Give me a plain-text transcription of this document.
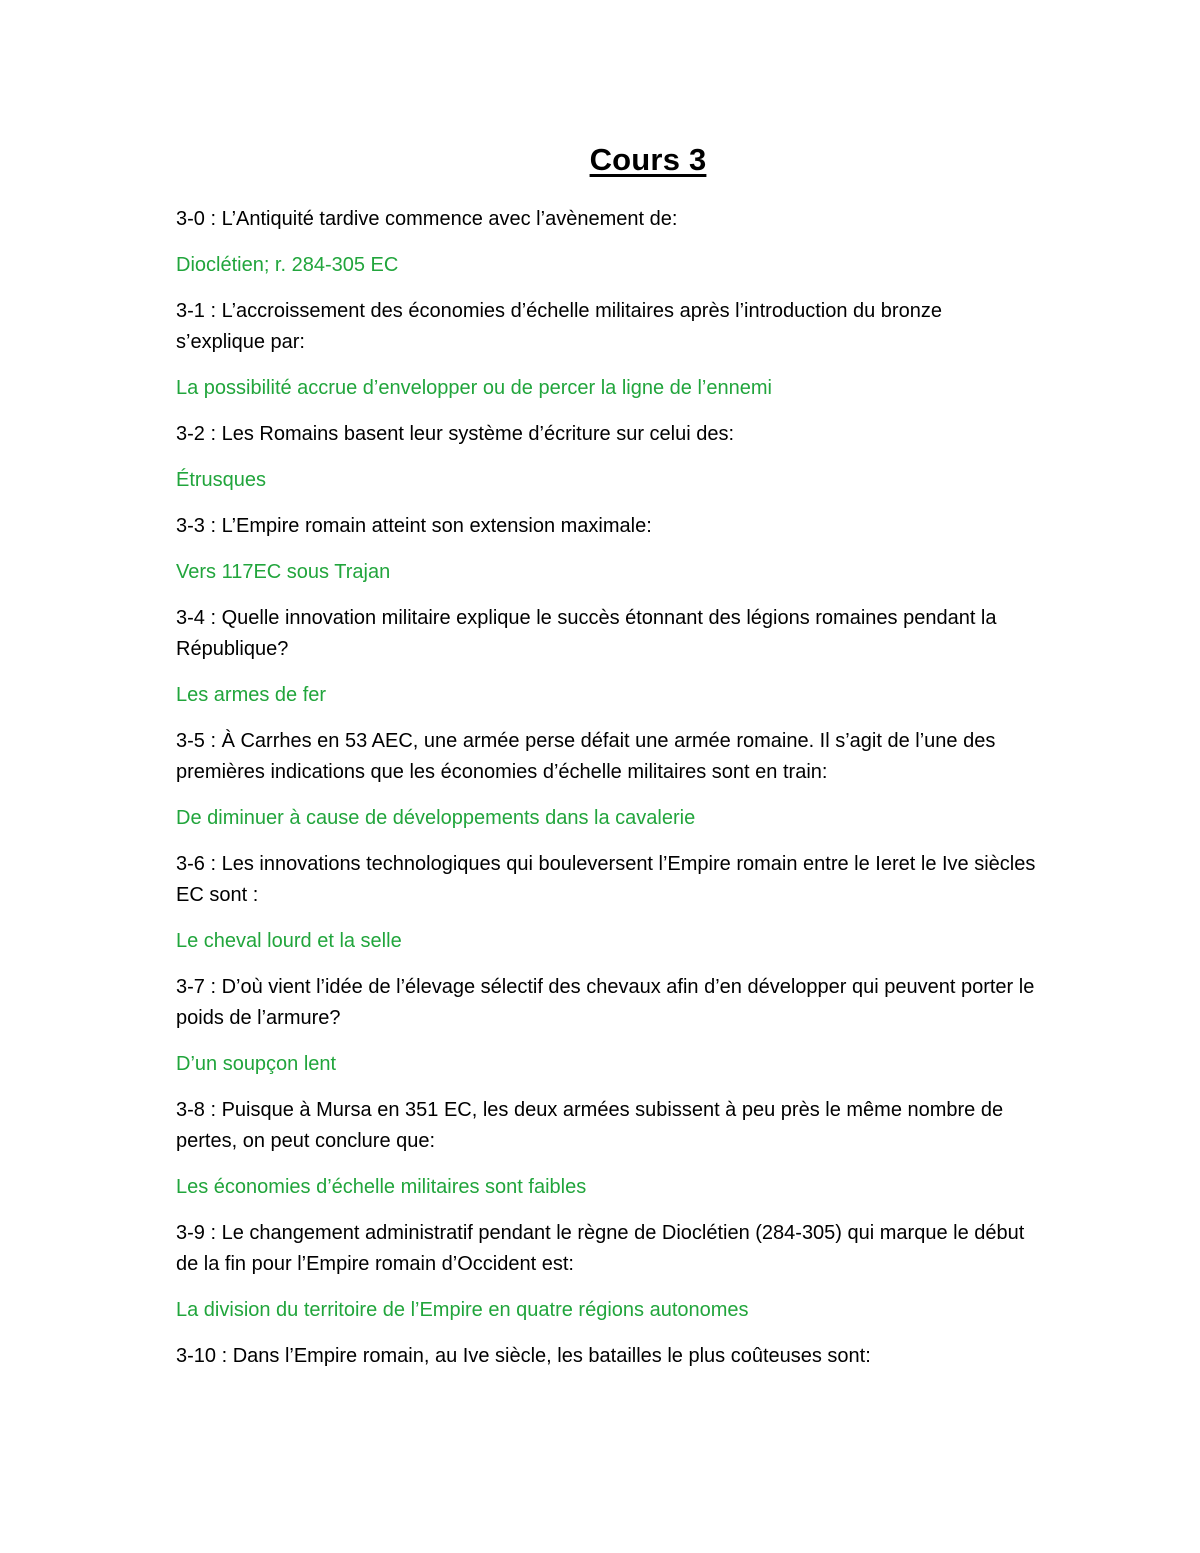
Cours 3

3-0 : L’Antiquité tardive commence avec l’avènement de:

Dioclétien; r. 284-305 EC

3-1 : L’accroissement des économies d’échelle militaires après l’introduction du bronze s’explique par:

La possibilité accrue d’envelopper ou de percer la ligne de l’ennemi

3-2 : Les Romains basent leur système d’écriture sur celui des:

Étrusques

3-3 : L’Empire romain atteint son extension maximale:

Vers 117EC sous Trajan

3-4 : Quelle innovation militaire explique le succès étonnant des légions romaines pendant la République?

Les armes de fer

3-5 : À Carrhes en 53 AEC, une armée perse défait une armée romaine. Il s’agit de l’une des premières indications que les économies d’échelle militaires sont en train:

De diminuer à cause de développements dans la cavalerie

3-6 : Les innovations technologiques qui bouleversent l’Empire romain entre le Ieret le Ive siècles EC sont :

Le cheval lourd et la selle

3-7 : D’où vient l’idée de l’élevage sélectif des chevaux afin d’en développer qui peuvent porter le poids de l’armure?

D’un soupçon lent

3-8 : Puisque à Mursa en 351 EC, les deux armées subissent à peu près le même nombre de pertes, on peut conclure que:

Les économies d’échelle militaires sont faibles

3-9 : Le changement administratif pendant le règne de Dioclétien (284-305) qui marque le début de la fin pour l’Empire romain d’Occident est:

La division du territoire de l’Empire en quatre régions autonomes

3-10 : Dans l’Empire romain, au Ive siècle, les batailles le plus coûteuses sont:
